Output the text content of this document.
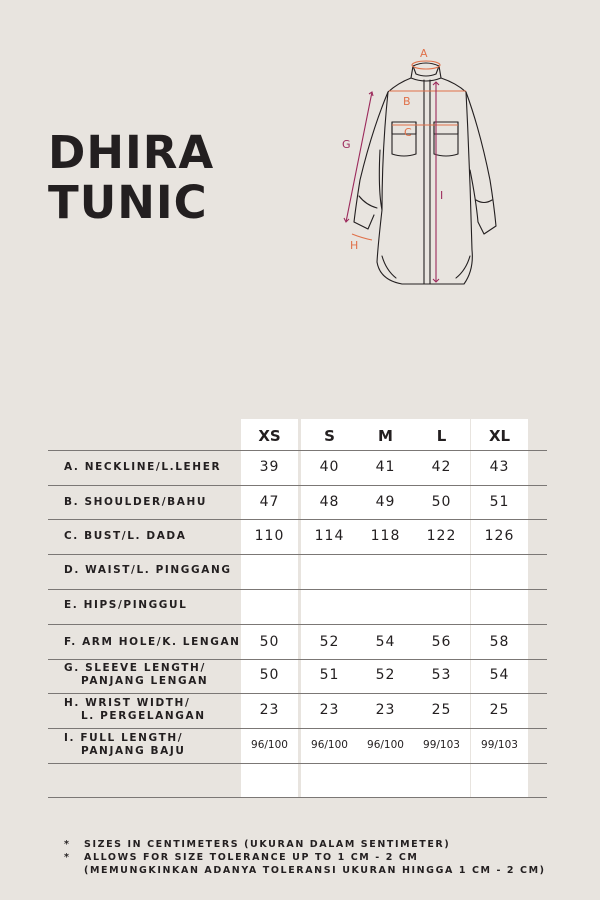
DHIRA
TUNIC
A
B
C
H
G
I
XS	S	M	L	XL
A. NECKLINE/L.LEHER	39	40	41	42	43
B. SHOULDER/BAHU	47	48	49	50	51
C. BUST/L. DADA	110	114	118	122	126
D. WAIST/L. PINGGANG
E. HIPS/PINGGUL
F. ARM HOLE/K. LENGAN	50	52	54	56	58
G. SLEEVE LENGTH/
PANJANG LENGAN	50	51	52	53	54
H. WRIST WIDTH/
L. PERGELANGAN	23	23	23	25	25
I. FULL LENGTH/
PANJANG BAJU	96/100	96/100	96/100	99/103	99/103
*	SIZES IN CENTIMETERS (UKURAN DALAM SENTIMETER)
*	ALLOWS FOR SIZE TOLERANCE UP TO 1 CM - 2 CM
(MEMUNGKINKAN ADANYA TOLERANSI UKURAN HINGGA 1 CM - 2 CM)
